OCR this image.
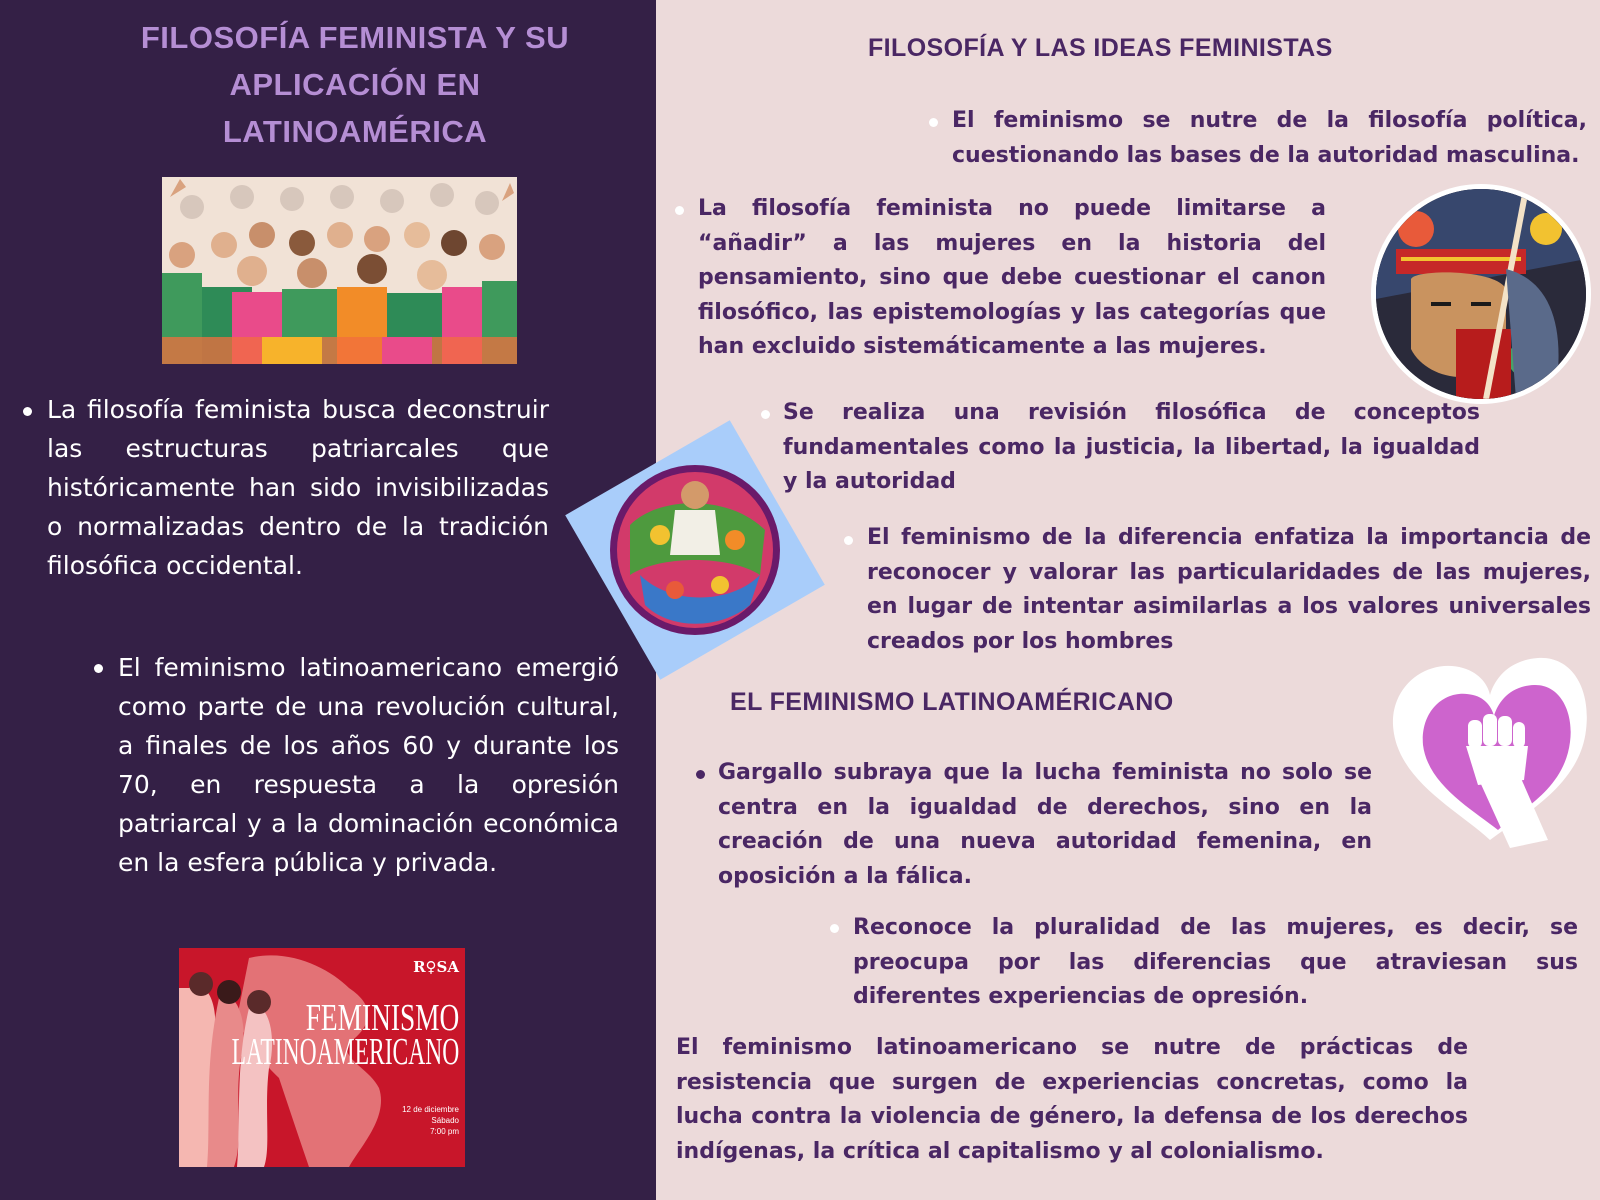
FILOSOFÍA FEMINISTA Y SU
APLICACIÓN EN
LATINOAMÉRICA

La filosofía feminista busca deconstruir las estructuras patriarcales que históricamente han sido invisibilizadas o normalizadas dentro de la tradición filosófica occidental.

El feminismo latinoamericano emergió como parte de una revolución cultural, a finales de los años 60 y durante los 70, en respuesta a la opresión patriarcal y a la dominación económica en la esfera pública y privada.

R♀SA
FEMINISMO
LATINOAMERICANO
12 de diciembre
Sábado
7:00 pm
FILOSOFÍA Y LAS IDEAS FEMINISTAS

El feminismo se nutre de la filosofía política, cuestionando las bases de la autoridad masculina.

La filosofía feminista no puede limitarse a “añadir” a las mujeres en la historia del pensamiento, sino que debe cuestionar el canon filosófico, las epistemologías y las categorías que han excluido sistemáticamente a las mujeres.

Se realiza una revisión filosófica de conceptos fundamentales como la justicia, la libertad, la igualdad y la autoridad

El feminismo de la diferencia enfatiza la importancia de reconocer y valorar las particularidades de las mujeres, en lugar de intentar asimilarlas a los valores universales creados por los hombres

EL FEMINISMO LATINOAMÉRICANO

Gargallo subraya que la lucha feminista no solo se centra en la igualdad de derechos, sino en la creación de una nueva autoridad femenina, en oposición a la fálica.

Reconoce la pluralidad de las mujeres, es decir, se preocupa por las diferencias que atraviesan sus diferentes experiencias de opresión.

El feminismo latinoamericano se nutre de prácticas de resistencia que surgen de experiencias concretas, como la lucha contra la violencia de género, la defensa de los derechos indígenas, la crítica al capitalismo y al colonialismo.
